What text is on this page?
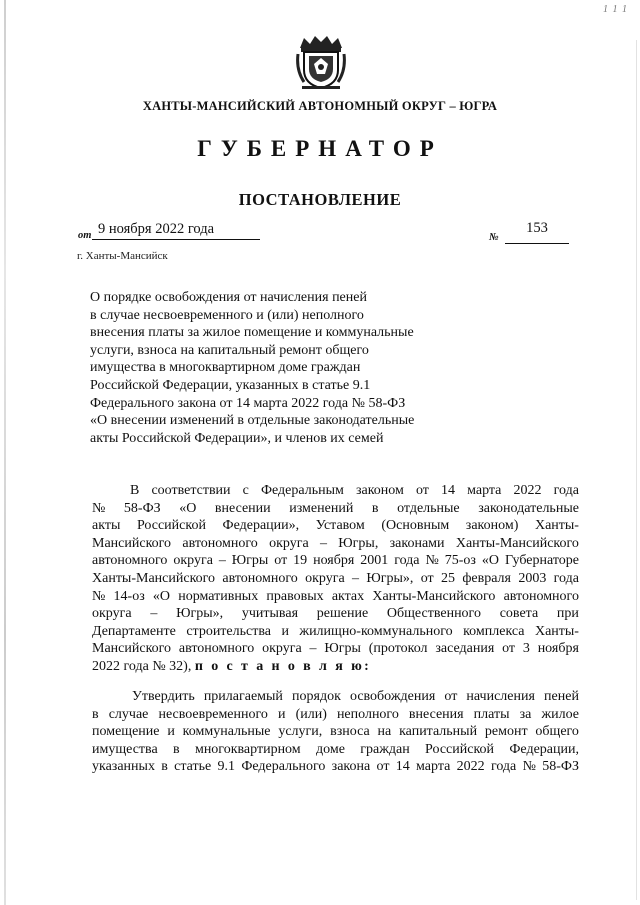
1 1 1
ХАНТЫ-МАНСИЙСКИЙ АВТОНОМНЫЙ ОКРУГ – ЮГРА
ГУБЕРНАТОР
ПОСТАНОВЛЕНИЕ
от 9 ноября 2022 года
№
153
г. Ханты-Мансийск
О порядке освобождения от начисления пеней
в случае несвоевременного и (или) неполного
внесения платы за жилое помещение и коммунальные
услуги, взноса на капитальный ремонт общего
имущества в многоквартирном доме граждан
Российской Федерации, указанных в статье 9.1
Федерального закона от 14 марта 2022 года № 58-ФЗ
«О внесении изменений в отдельные законодательные
акты Российской Федерации», и членов их семей
В соответствии с Федеральным законом от 14 марта 2022 года
№ 58-ФЗ «О внесении изменений в отдельные законодательные
акты Российской Федерации», Уставом (Основным законом) Ханты-
Мансийского автономного округа – Югры, законами Ханты-Мансийского
автономного округа – Югры от 19 ноября 2001 года № 75-оз «О Губернаторе
Ханты-Мансийского автономного округа – Югры», от 25 февраля 2003 года
№ 14-оз «О нормативных правовых актах Ханты-Мансийского автономного
округа – Югры», учитывая решение Общественного совета при
Департаменте строительства и жилищно-коммунального комплекса Ханты-
Мансийского автономного округа – Югры (протокол заседания от 3 ноября
2022 года № 32),
п о с т а н о в л я ю:
Утвердить прилагаемый порядок освобождения от начисления пеней
в случае несвоевременного и (или) неполного внесения платы за жилое
помещение и коммунальные услуги, взноса на капитальный ремонт общего
имущества в многоквартирном доме граждан Российской Федерации,
указанных в статье 9.1 Федерального закона от 14 марта 2022 года № 58-ФЗ
